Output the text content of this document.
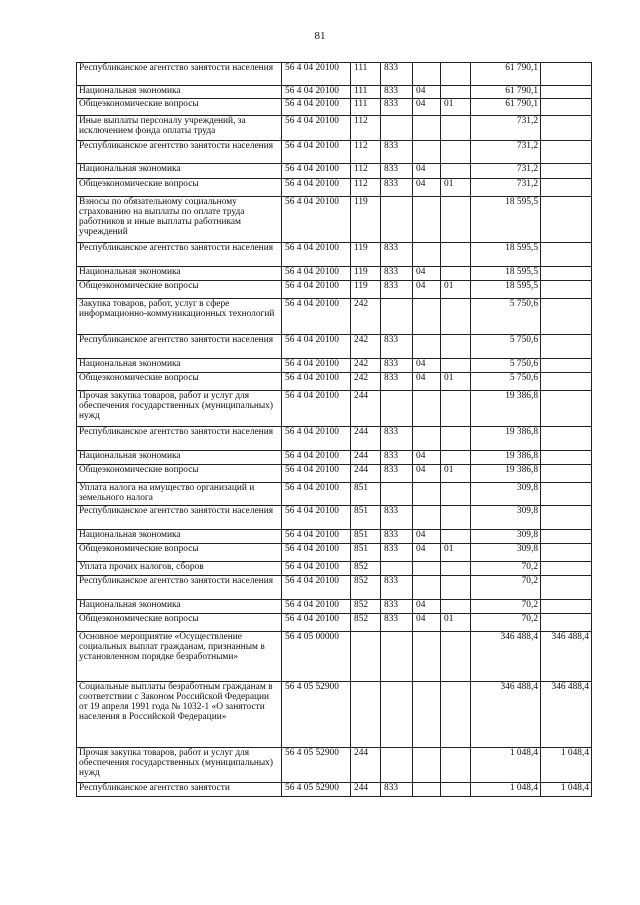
81
Республиканское агентство занятости населения	56 4 04 20100	111	833			61 790,1	
Национальная экономика	56 4 04 20100	111	833	04		61 790,1	
Общеэкономические вопросы	56 4 04 20100	111	833	04	01	61 790,1	
Иные выплаты персоналу учреждений, за исключением фонда оплаты труда	56 4 04 20100	112				731,2	
Республиканское агентство занятости населения	56 4 04 20100	112	833			731,2	
Национальная экономика	56 4 04 20100	112	833	04		731,2	
Общеэкономические вопросы	56 4 04 20100	112	833	04	01	731,2	
Взносы по обязательному социальному страхованию на выплаты по оплате труда работников и иные выплаты работникам учреждений	56 4 04 20100	119				18 595,5	
Республиканское агентство занятости населения	56 4 04 20100	119	833			18 595,5	
Национальная экономика	56 4 04 20100	119	833	04		18 595,5	
Общеэкономические вопросы	56 4 04 20100	119	833	04	01	18 595,5	
Закупка товаров, работ, услуг в сфере информационно-коммуникационных технологий	56 4 04 20100	242				5 750,6	
Республиканское агентство занятости населения	56 4 04 20100	242	833			5 750,6	
Национальная экономика	56 4 04 20100	242	833	04		5 750,6	
Общеэкономические вопросы	56 4 04 20100	242	833	04	01	5 750,6	
Прочая закупка товаров, работ и услуг для обеспечения государственных (муниципальных) нужд	56 4 04 20100	244				19 386,8	
Республиканское агентство занятости населения	56 4 04 20100	244	833			19 386,8	
Национальная экономика	56 4 04 20100	244	833	04		19 386,8	
Общеэкономические вопросы	56 4 04 20100	244	833	04	01	19 386,8	
Уплата налога на имущество организаций и земельного налога	56 4 04 20100	851				309,8	
Республиканское агентство занятости населения	56 4 04 20100	851	833			309,8	
Национальная экономика	56 4 04 20100	851	833	04		309,8	
Общеэкономические вопросы	56 4 04 20100	851	833	04	01	309,8	
Уплата прочих налогов, сборов	56 4 04 20100	852				70,2	
Республиканское агентство занятости населения	56 4 04 20100	852	833			70,2	
Национальная экономика	56 4 04 20100	852	833	04		70,2	
Общеэкономические вопросы	56 4 04 20100	852	833	04	01	70,2	
Основное мероприятие «Осуществление социальных выплат гражданам, признанным в установленном порядке безработными»	56 4 05 00000					346 488,4	346 488,4
Социальные выплаты безработным гражданам в соответствии с Законом Российской Федерации от 19 апреля 1991 года № 1032-1 «О занятости населения в Российской Федерации»	56 4 05 52900					346 488,4	346 488,4
Прочая закупка товаров, работ и услуг для обеспечения государственных (муниципальных) нужд	56 4 05 52900	244				1 048,4	1 048,4
Республиканское агентство занятости	56 4 05 52900	244	833			1 048,4	1 048,4
